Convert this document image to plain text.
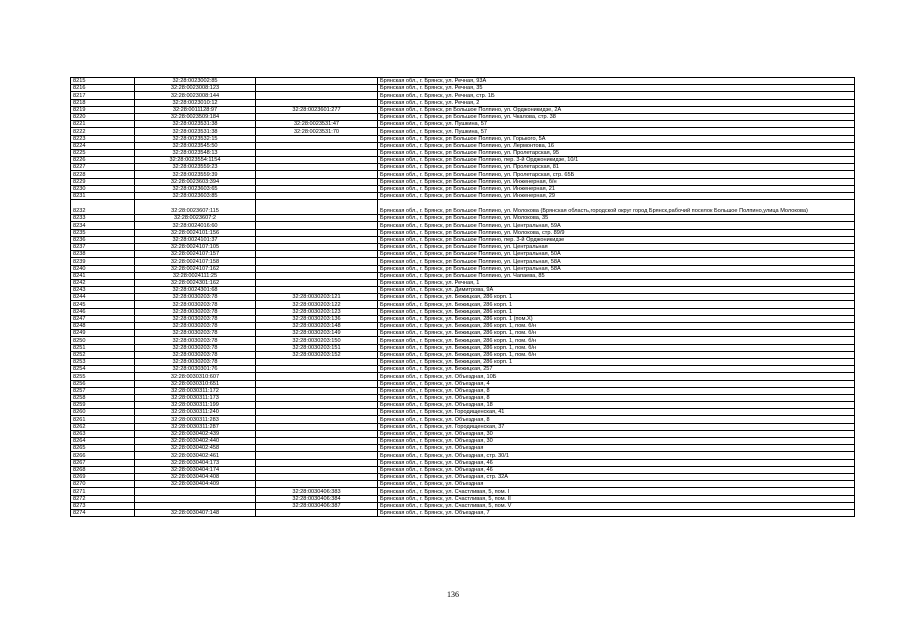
8215	32:28:0023002:85		Брянская обл., г. Брянск, ул. Речная, 93А
8216	32:28:0023008:123		Брянская обл., г. Брянск, ул. Речная, 35
8217	32:28:0023008:144		Брянская обл., г. Брянск, ул. Речная, стр. 1Б
8218	32:28:0023010:12		Брянская обл., г. Брянск, ул. Речная, 2
8219	32:28:0011128:97	32:28:0023601:277	Брянская обл., г. Брянск, рп Большое Полпино, ул. Орджоникидзе, 2А
8220	32:28:0023509:184		Брянская обл., г. Брянск, рп Большое Полпино, ул. Чкалова, стр. 38
8221	32:28:0023531:38	32:28:0023531:47	Брянская обл., г. Брянск, ул. Пушкина, 57
8222	32:28:0023531:38	32:28:0023531:70	Брянская обл., г. Брянск, ул. Пушкина, 57
8223	32:28:0023532:15		Брянская обл., г. Брянск, рп Большое Полпино, ул. Горького, 5А
8224	32:28:0023545:50		Брянская обл., г. Брянск, рп Большое Полпино, ул. Лермонтова, 16
8225	32:28:0023548:13		Брянская обл., г. Брянск, рп Большое Полпино, ул. Пролетарская, 95
8226	32:28:0023554:1154		Брянская обл., г. Брянск, рп Большое Полпино, пер. 3-й Орджоникидзе, 10/1
8227	32:28:0023559:23		Брянская обл., г. Брянск, рп Большое Полпино, ул. Пролетарская, 81
8228	32:28:0023559:39		Брянская обл., г. Брянск, рп Большое Полпино, ул. Пролетарская, стр. 65Б
8229	32:28:0023603:394		Брянская обл., г. Брянск, рп Большое Полпино, ул. Инженерная, б/н
8230	32:28:0023603:65		Брянская обл., г. Брянск, рп Большое Полпино, ул. Инженерная, 21
8231	32:28:0023603:85		Брянская обл., г. Брянск, рп Большое Полпино, ул. Инженерная, 29
8232	32:28:0023607:115		Брянская обл., г. Брянск, рп Большое Полпино, ул. Молокова (Брянская область,городской округ город Брянск,рабочий поселок Большое Полпино,улица Молокова)
8233	32:28:0023607:2		Брянская обл., г. Брянск, рп Большое Полпино, ул. Молокова, 35
8234	32:28:0024016:60		Брянская обл., г. Брянск, рп Большое Полпино, ул. Центральная, 59А
8235	32:28:0024101:156		Брянская обл., г. Брянск, рп Большое Полпино, ул. Молокова, стр. 89/9
8236	32:28:0024101:37		Брянская обл., г. Брянск, рп Большое Полпино, пер. 3-й Орджоникидзе
8237	32:28:0024107:105		Брянская обл., г. Брянск, рп Большое Полпино, ул. Центральная
8238	32:28:0024107:157		Брянская обл., г. Брянск, рп Большое Полпино, ул. Центральная, 50А
8239	32:28:0024107:158		Брянская обл., г. Брянск, рп Большое Полпино, ул. Центральная, 58А
8240	32:28:0024107:162		Брянская обл., г. Брянск, рп Большое Полпино, ул. Центральная, 58А
8241	32:28:0024111:25		Брянская обл., г. Брянск, рп Большое Полпино, ул. Чапаева, 85
8242	32:28:0024301:162		Брянская обл., г. Брянск, ул. Речная, 1
8243	32:28:0024301:68		Брянская обл., г. Брянск, ул. Димитрова, 9А
8244	32:28:0030203:78	32:28:0030203:121	Брянская обл., г. Брянск, ул. Бежицкая, 286 корп. 1
8245	32:28:0030203:78	32:28:0030203:122	Брянская обл., г. Брянск, ул. Бежицкая, 286 корп. 1
8246	32:28:0030203:78	32:28:0030203:123	Брянская обл., г. Брянск, ул. Бежицкая, 286 корп. 1
8247	32:28:0030203:78	32:28:0030203:136	Брянская обл., г. Брянск, ул. Бежицкая, 286 корп. 1 (пом.Х)
8248	32:28:0030203:78	32:28:0030203:148	Брянская обл., г. Брянск, ул. Бежицкая, 286 корп. 1, пом. б/н
8249	32:28:0030203:78	32:28:0030203:149	Брянская обл., г. Брянск, ул. Бежицкая, 286 корп. 1, пом. б/н
8250	32:28:0030203:78	32:28:0030203:150	Брянская обл., г. Брянск, ул. Бежицкая, 286 корп. 1, пом. б/н
8251	32:28:0030203:78	32:28:0030203:151	Брянская обл., г. Брянск, ул. Бежицкая, 286 корп. 1, пом. б/н
8252	32:28:0030203:78	32:28:0030203:152	Брянская обл., г. Брянск, ул. Бежицкая, 286 корп. 1, пом. б/н
8253	32:28:0030203:78		Брянская обл., г. Брянск, ул. Бежицкая, 286 корп. 1
8254	32:28:0030301:76		Брянская обл., г. Брянск, ул. Бежицкая, 257
8255	32:28:0030310:607		Брянская обл., г. Брянск, ул. Объездная, 10Б
8256	32:28:0030310:651		Брянская обл., г. Брянск, ул. Объездная, 4
8257	32:28:0030311:172		Брянская обл., г. Брянск, ул. Объездная, 8
8258	32:28:0030311:173		Брянская обл., г. Брянск, ул. Объездная, 8
8259	32:28:0030311:199		Брянская обл., г. Брянск, ул. Объездная, 18
8260	32:28:0030311:240		Брянская обл., г. Брянск, ул. Городищенская, 41
8261	32:28:0030311:283		Брянская обл., г. Брянск, ул. Объездная, 8
8262	32:28:0030311:287		Брянская обл., г. Брянск, ул. Городищенская, 37
8263	32:28:0030402:439		Брянская обл., г. Брянск, ул. Объездная, 30
8264	32:28:0030402:440		Брянская обл., г. Брянск, ул. Объездная, 30
8265	32:28:0030402:458		Брянская обл., г. Брянск, ул. Объездная
8266	32:28:0030402:461		Брянская обл., г. Брянск, ул. Объездная, стр. 30/1
8267	32:28:0030404:173		Брянская обл., г. Брянск, ул. Объездная, 46
8268	32:28:0030404:174		Брянская обл., г. Брянск, ул. Объездная, 46
8269	32:28:0030404:408		Брянская обл., г. Брянск, ул. Объездная, стр. 32А
8270	32:28:0030404:409		Брянская обл., г. Брянск, ул. Объездная
8271		32:28:0030406:383	Брянская обл., г. Брянск, ул. Счастливая, 5, пом. I
8272		32:28:0030406:384	Брянская обл., г. Брянск, ул. Счастливая, 5, пом. II
8273		32:28:0030406:387	Брянская обл., г. Брянск, ул. Счастливая, 5, пом. V
8274	32:28:0030407:148		Брянская обл., г. Брянск, ул. Объездная, 7
136
